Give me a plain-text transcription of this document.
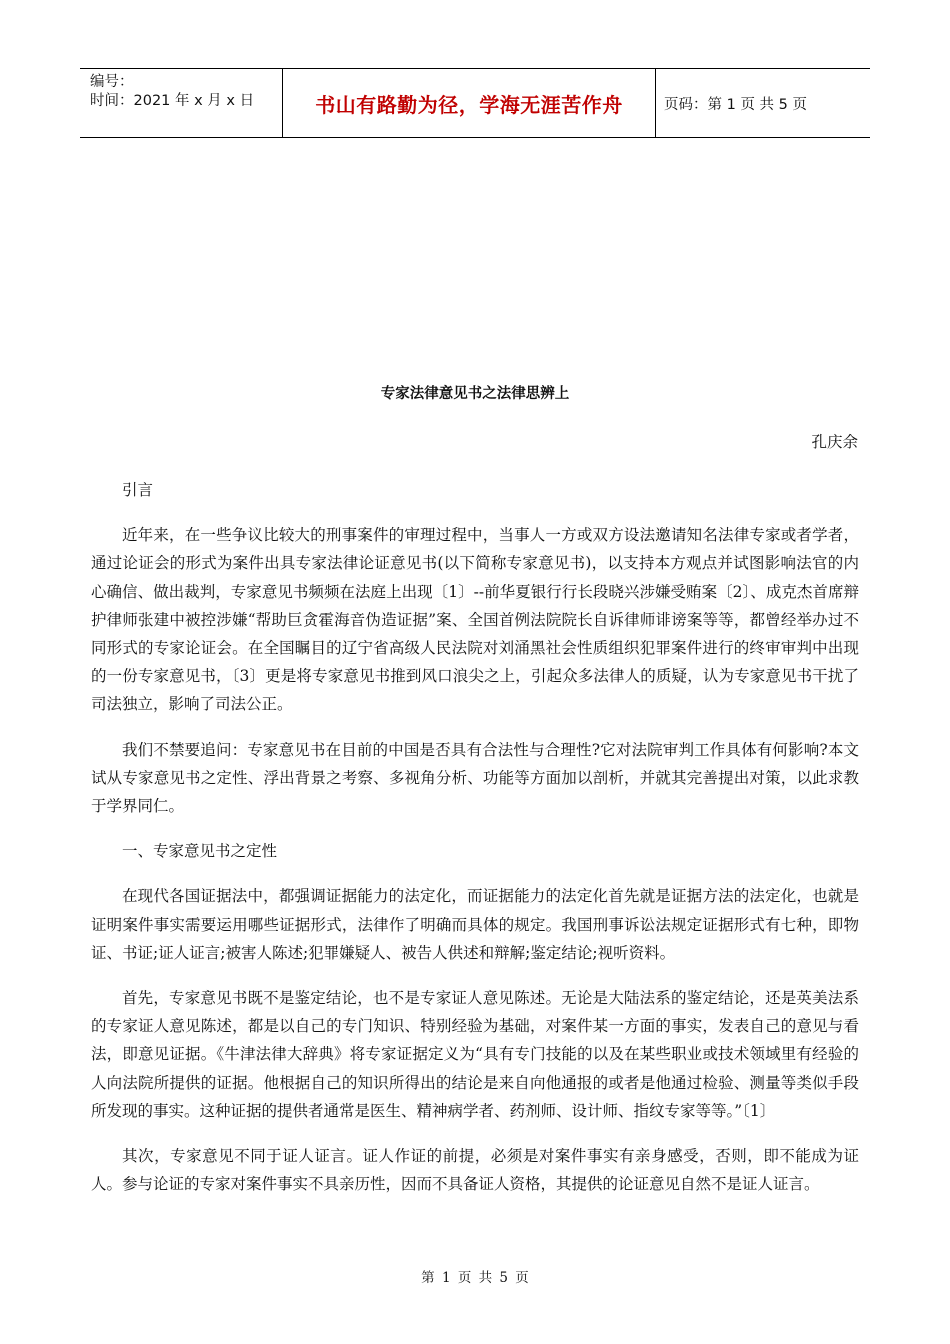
编号：
时间：2021 年 x 月 x 日	书山有路勤为径，学海无涯苦作舟	页码：第 1 页 共 5 页
专家法律意见书之法律思辨上
孔庆余

引言

近年来，在一些争议比较大的刑事案件的审理过程中，当事人一方或双方设法邀请知名法律专家或者学者，通过论证会的形式为案件出具专家法律论证意见书(以下简称专家意见书)，以支持本方观点并试图影响法官的内心确信、做出裁判，专家意见书频频在法庭上出现〔1〕--前华夏银行行长段晓兴涉嫌受贿案〔2〕、成克杰首席辩护律师张建中被控涉嫌“帮助巨贪霍海音伪造证据”案、全国首例法院院长自诉律师诽谤案等等，都曾经举办过不同形式的专家论证会。在全国瞩目的辽宁省高级人民法院对刘涌黑社会性质组织犯罪案件进行的终审审判中出现的一份专家意见书，〔3〕更是将专家意见书推到风口浪尖之上，引起众多法律人的质疑，认为专家意见书干扰了司法独立，影响了司法公正。

我们不禁要追问：专家意见书在目前的中国是否具有合法性与合理性?它对法院审判工作具体有何影响?本文试从专家意见书之定性、浮出背景之考察、多视角分析、功能等方面加以剖析，并就其完善提出对策，以此求教于学界同仁。

一、专家意见书之定性

在现代各国证据法中，都强调证据能力的法定化，而证据能力的法定化首先就是证据方法的法定化，也就是证明案件事实需要运用哪些证据形式，法律作了明确而具体的规定。我国刑事诉讼法规定证据形式有七种，即物证、书证;证人证言;被害人陈述;犯罪嫌疑人、被告人供述和辩解;鉴定结论;视听资料。

首先，专家意见书既不是鉴定结论，也不是专家证人意见陈述。无论是大陆法系的鉴定结论，还是英美法系的专家证人意见陈述，都是以自己的专门知识、特别经验为基础，对案件某一方面的事实，发表自己的意见与看法，即意见证据。《牛津法律大辞典》将专家证据定义为“具有专门技能的以及在某些职业或技术领域里有经验的人向法院所提供的证据。他根据自己的知识所得出的结论是来自向他通报的或者是他通过检验、测量等类似手段所发现的事实。这种证据的提供者通常是医生、精神病学者、药剂师、设计师、指纹专家等等。”〔1〕

其次，专家意见不同于证人证言。证人作证的前提，必须是对案件事实有亲身感受，否则，即不能成为证人。参与论证的专家对案件事实不具亲历性，因而不具备证人资格，其提供的论证意见自然不是证人证言。

第 1 页 共 5 页
